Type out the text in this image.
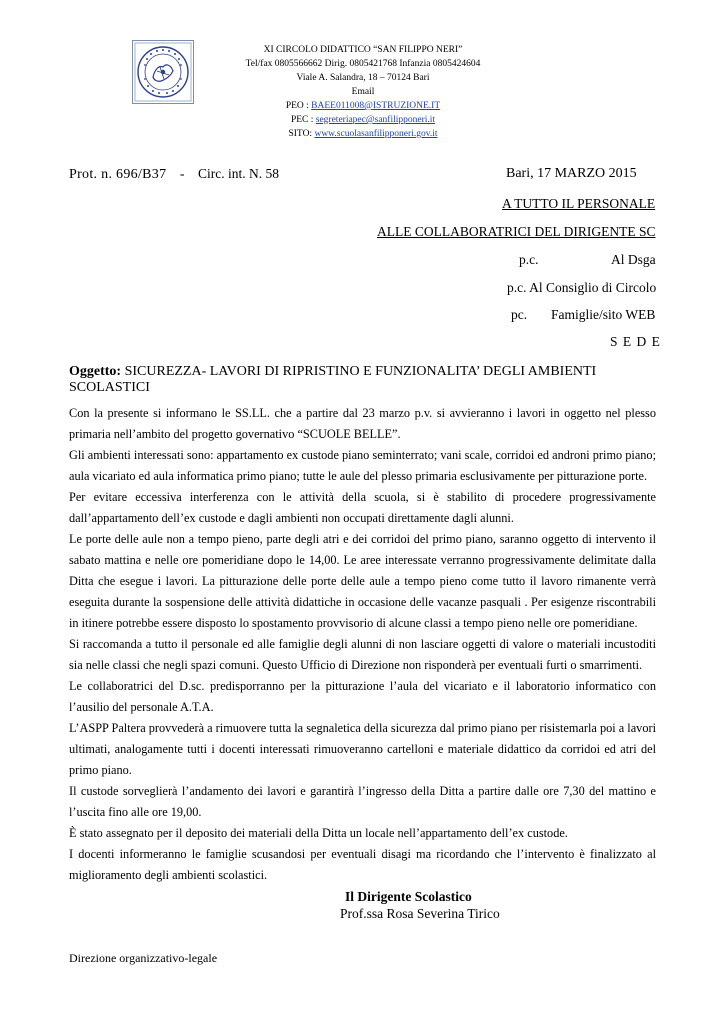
XI CIRCOLO DIDATTICO “SAN FILIPPO NERI”
Tel/fax 0805566662 Dirig. 0805421768 Infanzia 0805424604
Viale A. Salandra, 18 – 70124 Bari
Email
PEO : BAEE011008@ISTRUZIONE.IT
PEC : segreteriapec@sanfilipponeri.it
SITO: www.scuolasanfilipponeri.gov.it
Prot. n. 696/B37 - Circ. int. N. 58	Bari, 17 MARZO 2015
A TUTTO IL PERSONALE
ALLE COLLABORATRICI DEL DIRIGENTE SC
p.c.	Al Dsga
p.c. Al Consiglio di Circolo
pc. Famiglie/sito WEB
S E D E
Oggetto: SICUREZZA- LAVORI DI RIPRISTINO E FUNZIONALITA’ DEGLI AMBIENTI SCOLASTICI

Con la presente si informano le SS.LL. che a partire dal 23 marzo p.v. si avvieranno i lavori in oggetto nel plesso primaria nell’ambito del progetto governativo “SCUOLE BELLE”.

Gli ambienti interessati sono: appartamento ex custode piano seminterrato; vani scale, corridoi ed androni primo piano; aula vicariato ed aula informatica primo piano; tutte le aule del plesso primaria esclusivamente per pitturazione porte.

Per evitare eccessiva interferenza con le attività della scuola, si è stabilito di procedere progressivamente dall’appartamento dell’ex custode e dagli ambienti non occupati direttamente dagli alunni.

Le porte delle aule non a tempo pieno, parte degli atri e dei corridoi del primo piano, saranno oggetto di intervento il sabato mattina e nelle ore pomeridiane dopo le 14,00. Le aree interessate verranno progressivamente delimitate dalla Ditta che esegue i lavori. La pitturazione delle porte delle aule a tempo pieno come tutto il lavoro rimanente verrà eseguita durante la sospensione delle attività didattiche in occasione delle vacanze pasquali . Per esigenze riscontrabili in itinere potrebbe essere disposto lo spostamento provvisorio di alcune classi a tempo pieno nelle ore pomeridiane.

Si raccomanda a tutto il personale ed alle famiglie degli alunni di non lasciare oggetti di valore o materiali incustoditi sia nelle classi che negli spazi comuni. Questo Ufficio di Direzione non risponderà per eventuali furti o smarrimenti.

Le collaboratrici del D.sc. predisporranno per la pitturazione l’aula del vicariato e il laboratorio informatico con l’ausilio del personale A.T.A.

L’ASPP Paltera provvederà a rimuovere tutta la segnaletica della sicurezza dal primo piano per risistemarla poi a lavori ultimati, analogamente tutti i docenti interessati rimuoveranno cartelloni e materiale didattico da corridoi ed atri del primo piano.

Il custode sorveglierà l’andamento dei lavori e garantirà l’ingresso della Ditta a partire dalle ore 7,30 del mattino e l’uscita fino alle ore 19,00.

È stato assegnato per il deposito dei materiali della Ditta un locale nell’appartamento dell’ex custode.

I docenti informeranno le famiglie scusandosi per eventuali disagi ma ricordando che l’intervento è finalizzato al miglioramento degli ambienti scolastici.

Il Dirigente Scolastico
Prof.ssa Rosa Severina Tirico
Direzione organizzativo-legale
